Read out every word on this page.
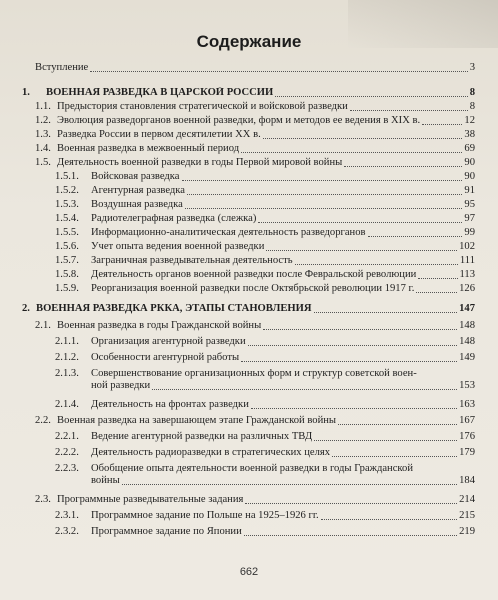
Содержание
Вступление	3
1.	ВОЕННАЯ РАЗВЕДКА В ЦАРСКОЙ РОССИИ	8
1.1. Предыстория становления стратегической и войсковой разведки	8
1.2. Эволюция разведорганов военной разведки, форм и методов ее ведения в XIX в.	12
1.3. Разведка России в первом десятилетии ХХ в.	38
1.4. Военная разведка в межвоенный период	69
1.5. Деятельность военной разведки в годы Первой мировой войны	90
1.5.1.	Войсковая разведка	90
1.5.2.	Агентурная разведка	91
1.5.3.	Воздушная разведка	95
1.5.4.	Радиотелеграфная разведка (слежка)	97
1.5.5.	Информационно-аналитическая деятельность разведорганов	99
1.5.6.	Учет опыта ведения военной разведки	102
1.5.7.	Заграничная разведывательная деятельность	111
1.5.8.	Деятельность органов военной разведки после Февральской революции	113
1.5.9.	Реорганизация военной разведки после Октябрьской революции 1917 г.	126
2. ВОЕННАЯ РАЗВЕДКА РККА, ЭТАПЫ СТАНОВЛЕНИЯ	147
2.1. Военная разведка в годы Гражданской войны	148
2.1.1.	Организация агентурной разведки	148
2.1.2.	Особенности агентурной работы	149
2.1.3. Совершенствование организационных форм и структур советской воен-
ной разведки	153
2.1.4.	Деятельность на фронтах разведки	163
2.2. Военная разведка на завершающем этапе Гражданской войны	167
2.2.1.	Ведение агентурной разведки на различных ТВД	176
2.2.2.	Деятельность радиоразведки в стратегических целях	179
2.2.3. Обобщение опыта деятельности военной разведки в годы Гражданской
войны	184
662
2.3. Программные разведывательные задания	214
2.3.1.	Программное задание по Польше на 1925–1926 гг.	215
2.3.2.	Программное задание по Японии	219
